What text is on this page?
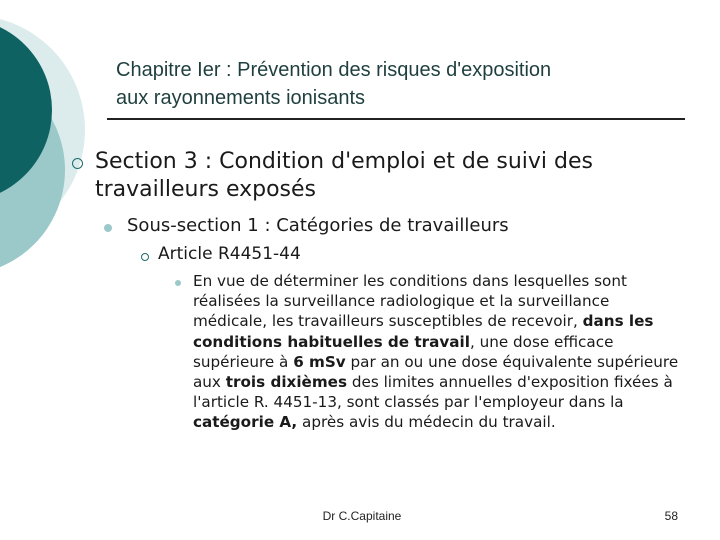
Chapitre Ier : Prévention des risques d'exposition
aux rayonnements ionisants
Section 3 : Condition d'emploi et de suivi des travailleurs exposés
Sous-section 1 : Catégories de travailleurs
Article R4451-44
En vue de déterminer les conditions dans lesquelles sont réalisées la surveillance radiologique et la surveillance médicale, les travailleurs susceptibles de recevoir, dans les conditions habituelles de travail, une dose efficace supérieure à 6 mSv par an ou une dose équivalente supérieure aux trois dixièmes des limites annuelles d'exposition fixées à l'article R. 4451-13, sont classés par l'employeur dans la catégorie A, après avis du médecin du travail.
Dr C.Capitaine	58
